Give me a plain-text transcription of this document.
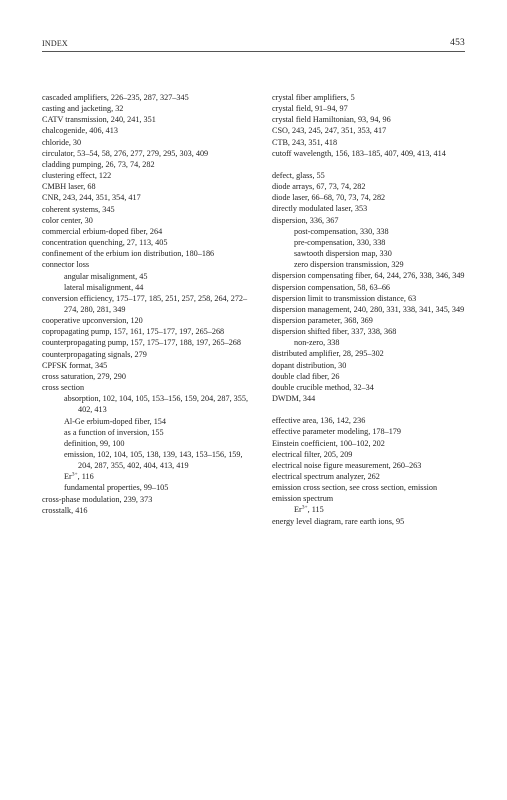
INDEX	453
cascaded amplifiers, 226–235, 287, 327–345
casting and jacketing, 32
CATV transmission, 240, 241, 351
chalcogenide, 406, 413
chloride, 30
circulator, 53–54, 58, 276, 277, 279, 295, 303, 409
cladding pumping, 26, 73, 74, 282
clustering effect, 122
CMBH laser, 68
CNR, 243, 244, 351, 354, 417
coherent systems, 345
color center, 30
commercial erbium-doped fiber, 264
concentration quenching, 27, 113, 405
confinement of the erbium ion distribution, 180–186
connector loss
angular misalignment, 45
lateral misalignment, 44
conversion efficiency, 175–177, 185, 251, 257, 258, 264, 272–274, 280, 281, 349
cooperative upconversion, 120
copropagating pump, 157, 161, 175–177, 197, 265–268
counterpropagating pump, 157, 175–177, 188, 197, 265–268
counterpropagating signals, 279
CPFSK format, 345
cross saturation, 279, 290
cross section
absorption, 102, 104, 105, 153–156, 159, 204, 287, 355, 402, 413
Al-Ge erbium-doped fiber, 154
as a function of inversion, 155
definition, 99, 100
emission, 102, 104, 105, 138, 139, 143, 153–156, 159, 204, 287, 355, 402, 404, 413, 419
$Er^{3+}$, 116
fundamental properties, 99–105
cross-phase modulation, 239, 373
crosstalk, 416
crystal fiber amplifiers, 5
crystal field, 91–94, 97
crystal field Hamiltonian, 93, 94, 96
CSO, 243, 245, 247, 351, 353, 417
CTB, 243, 351, 418
cutoff wavelength, 156, 183–185, 407, 409, 413, 414
defect, glass, 55
diode arrays, 67, 73, 74, 282
diode laser, 66–68, 70, 73, 74, 282
directly modulated laser, 353
dispersion, 336, 367
post-compensation, 330, 338
pre-compensation, 330, 338
sawtooth dispersion map, 330
zero dispersion transmission, 329
dispersion compensating fiber, 64, 244, 276, 338, 346, 349
dispersion compensation, 58, 63–66
dispersion limit to transmission distance, 63
dispersion management, 240, 280, 331, 338, 341, 345, 349
dispersion parameter, 368, 369
dispersion shifted fiber, 337, 338, 368
non-zero, 338
distributed amplifier, 28, 295–302
dopant distribution, 30
double clad fiber, 26
double crucible method, 32–34
DWDM, 344
effective area, 136, 142, 236
effective parameter modeling, 178–179
Einstein coefficient, 100–102, 202
electrical filter, 205, 209
electrical noise figure measurement, 260–263
electrical spectrum analyzer, 262
emission cross section, see cross section, emission
emission spectrum
$Er^{3+}$, 115
energy level diagram, rare earth ions, 95
